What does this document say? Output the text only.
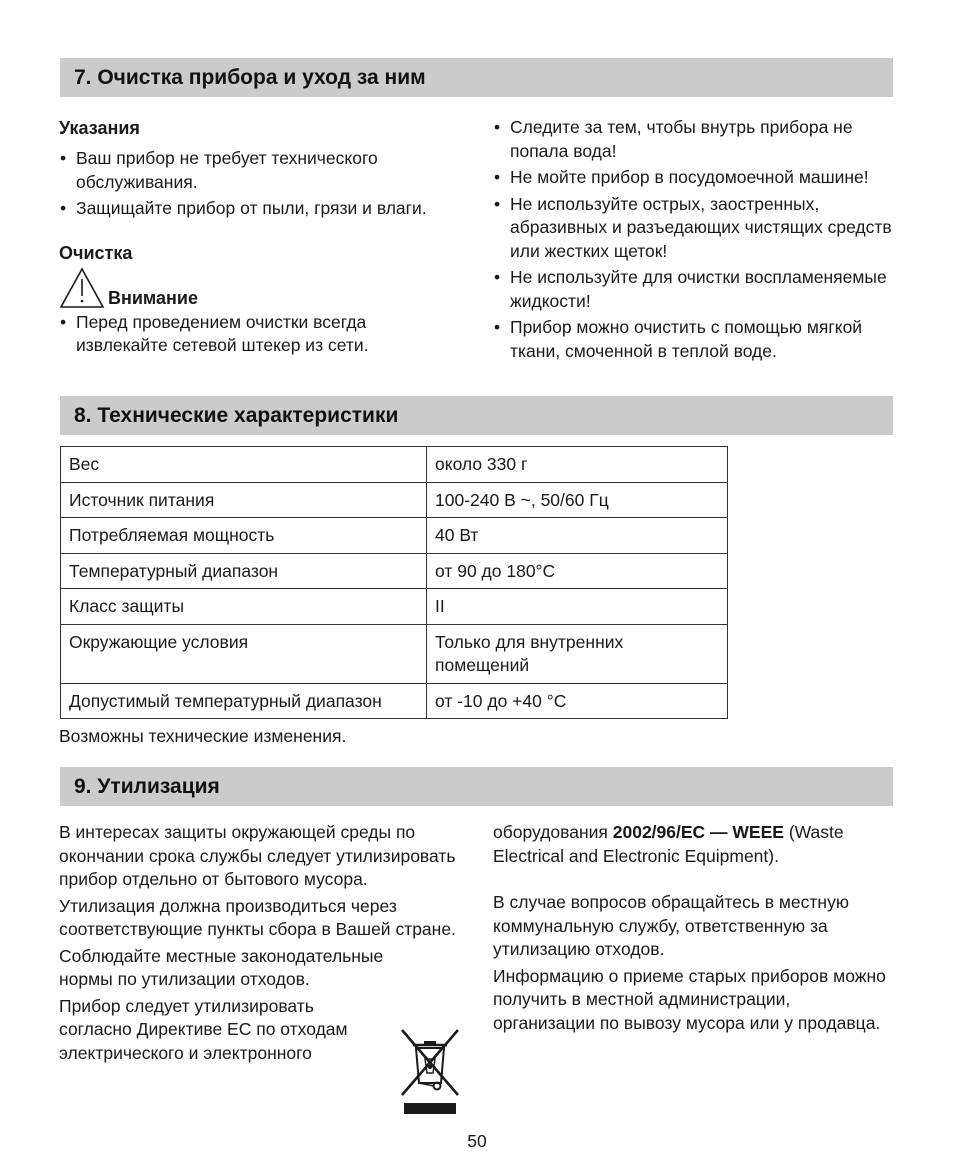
7. Очистка прибора и уход за ним
Указания
• Ваш прибор не требует технического обслуживания.
• Защищайте прибор от пыли, грязи и влаги.
Очистка
Внимание
• Перед проведением очистки всегда извлекайте сетевой штекер из сети.
• Следите за тем, чтобы внутрь прибора не попала вода!
• Не мойте прибор в посудомоечной машине!
• Не используйте острых, заостренных, абразивных и разъедающих чистящих средств или жестких щеток!
• Не используйте для очистки воспламеняемые жидкости!
• Прибор можно очистить с помощью мягкой ткани, смоченной в теплой воде.
8. Технические характеристики
Вес	около 330 г
Источник питания	100-240 В ~, 50/60 Гц
Потребляемая мощность	40 Вт
Температурный диапазон	от 90 до 180°С
Класс защиты	II
Окружающие условия	Только для внутренних помещений
Допустимый температурный диапазон	от -10 до +40 °С
Возможны технические изменения.
9. Утилизация

В интересах защиты окружающей среды по окончании срока службы следует утилизировать прибор отдельно от бытового мусора.

Утилизация должна производиться через соответствующие пункты сбора в Вашей стране.

Соблюдайте местные законодательные нормы по утилизации отходов.

Прибор следует утилизировать
согласно Директиве ЕС по отходам
электрического и электронного

оборудования 2002/96/EC — WEEE (Waste Electrical and Electronic Equipment).

В случае вопросов обращайтесь в местную коммунальную службу, ответственную за утилизацию отходов.

Информацию о приеме старых приборов можно получить в местной администрации, организации по вывозу мусора или у продавца.

50
